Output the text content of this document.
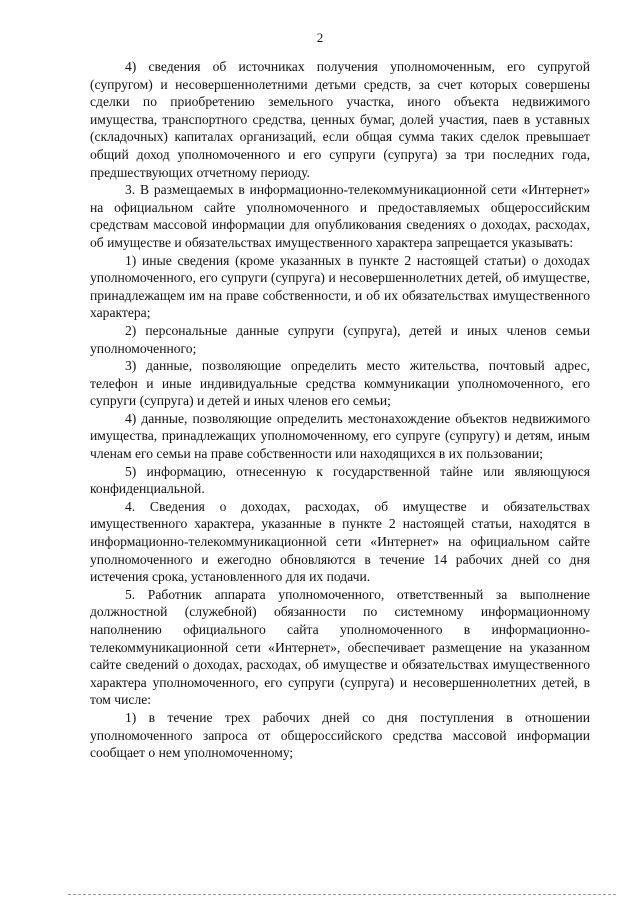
2

4) сведения об источниках получения уполномоченным, его супругой (супругом) и несовершеннолетними детьми средств, за счет которых совершены сделки по приобретению земельного участка, иного объекта недвижимого имущества, транспортного средства, ценных бумаг, долей участия, паев в уставных (складочных) капиталах организаций, если общая сумма таких сделок превышает общий доход уполномоченного и его супруги (супруга) за три последних года, предшествующих отчетному периоду.

3. В размещаемых в информационно-телекоммуникационной сети «Интернет» на официальном сайте уполномоченного и предоставляемых общероссийским средствам массовой информации для опубликования сведениях о доходах, расходах, об имуществе и обязательствах имущественного характера запрещается указывать:

1) иные сведения (кроме указанных в пункте 2 настоящей статьи) о доходах уполномоченного, его супруги (супруга) и несовершеннолетних детей, об имуществе, принадлежащем им на праве собственности, и об их обязательствах имущественного характера;

2) персональные данные супруги (супруга), детей и иных членов семьи уполномоченного;

3) данные, позволяющие определить место жительства, почтовый адрес, телефон и иные индивидуальные средства коммуникации уполномоченного, его супруги (супруга) и детей и иных членов его семьи;

4) данные, позволяющие определить местонахождение объектов недвижимого имущества, принадлежащих уполномоченному, его супруге (супругу) и детям, иным членам его семьи на праве собственности или находящихся в их пользовании;

5) информацию, отнесенную к государственной тайне или являющуюся конфиденциальной.

4. Сведения о доходах, расходах, об имуществе и обязательствах имущественного характера, указанные в пункте 2 настоящей статьи, находятся в информационно-телекоммуникационной сети «Интернет» на официальном сайте уполномоченного и ежегодно обновляются в течение 14 рабочих дней со дня истечения срока, установленного для их подачи.

5. Работник аппарата уполномоченного, ответственный за выполнение должностной (служебной) обязанности по системному информационному наполнению официального сайта уполномоченного в информационно-телекоммуникационной сети «Интернет», обеспечивает размещение на указанном сайте сведений о доходах, расходах, об имуществе и обязательствах имущественного характера уполномоченного, его супруги (супруга) и несовершеннолетних детей, в том числе:

1) в течение трех рабочих дней со дня поступления в отношении уполномоченного запроса от общероссийского средства массовой информации сообщает о нем уполномоченному;
